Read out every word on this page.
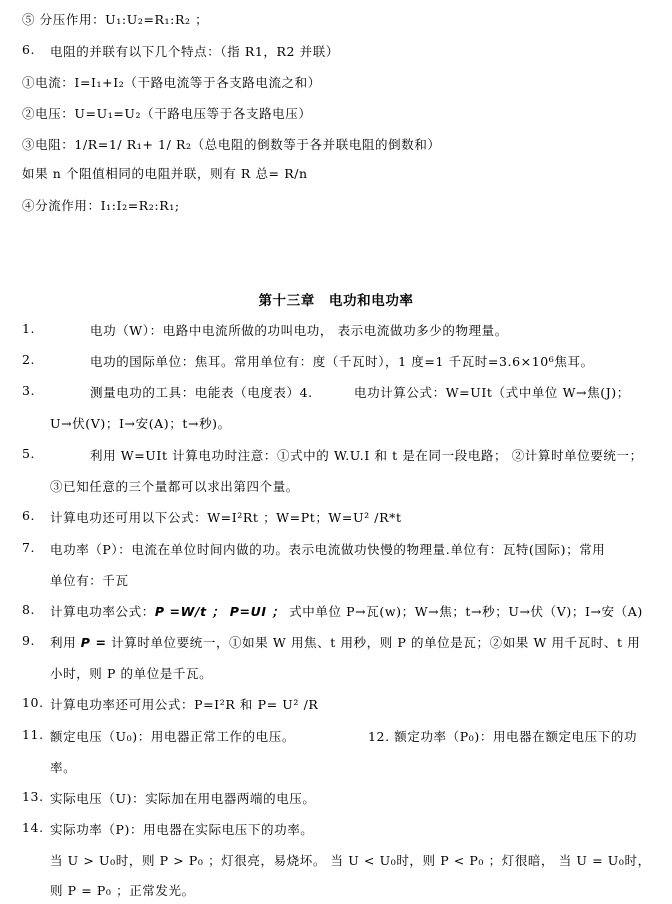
⑤ 分压作用：U₁:U₂=R₁:R₂ ；
6. 电阻的并联有以下几个特点：（指 R1，R2 并联）
①电流：I=I₁+I₂（干路电流等于各支路电流之和）
②电压：U=U₁=U₂（干路电压等于各支路电压）
③电阻：1/R=1/ R₁+ 1/ R₂（总电阻的倒数等于各并联电阻的倒数和）
如果 n 个阻值相同的电阻并联，则有 R 总= R/n
④分流作用：I₁:I₂=R₂:R₁;
第十三章　电功和电功率
1.	电功（W）：电路中电流所做的功叫电功， 表示电流做功多少的物理量。
2.	电功的国际单位：焦耳。常用单位有：度（千瓦时），1 度=1 千瓦时=3.6×10⁶焦耳。
3.	测量电功的工具：电能表（电度表）4.	电功计算公式：W=UIt（式中单位 W→焦(J)；
U→伏(V)；I→安(A)；t→秒)。
5.	利用 W=UIt 计算电功时注意：①式中的 W.U.I 和 t 是在同一段电路； ②计算时单位要统一；
③已知任意的三个量都可以求出第四个量。
6. 计算电功还可用以下公式：W=I²Rt ；W=Pt；W=U² /R*t
7. 电功率（P）：电流在单位时间内做的功。表示电流做功快慢的物理量.单位有：瓦特(国际)；常用
单位有：千瓦
8. 计算电功率公式：P =W/t ； P=UI ； 式中单位 P→瓦(w)；W→焦；t→秒；U→伏（V)；I→安（A)
9. 利用 P = 计算时单位要统一，①如果 W 用焦、t 用秒，则 P 的单位是瓦；②如果 W 用千瓦时、t 用
小时，则 P 的单位是千瓦。
10. 计算电功率还可用公式：P=I²R 和 P= U² /R
11. 额定电压（U₀)：用电器正常工作的电压。	12. 额定功率（P₀)：用电器在额定电压下的功
率。
13. 实际电压（U)：实际加在用电器两端的电压。
14. 实际功率（P)：用电器在实际电压下的功率。
当 U > U₀时，则 P > P₀ ；灯很亮，易烧坏。 当 U < U₀时，则 P < P₀ ；灯很暗， 当 U = U₀时，
则 P = P₀ ；正常发光。
